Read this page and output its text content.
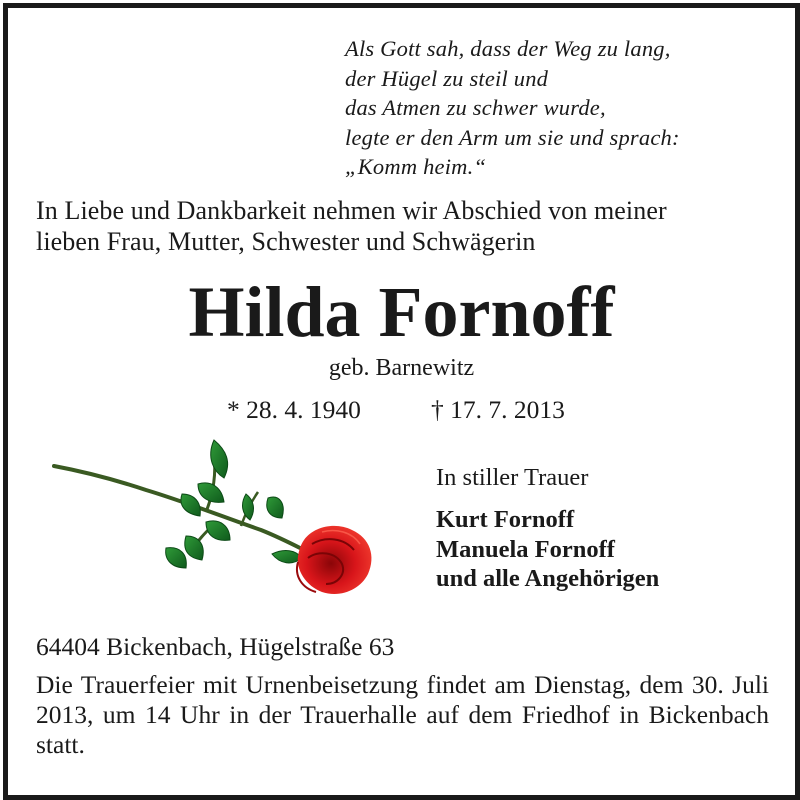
Als Gott sah, dass der Weg zu lang,
der Hügel zu steil und
das Atmen zu schwer wurde,
legte er den Arm um sie und sprach:
„Komm heim.“
In Liebe und Dankbarkeit nehmen wir Abschied von meiner
lieben Frau, Mutter, Schwester und Schwägerin
Hilda Fornoff
geb. Barnewitz
* 28. 4. 1940	† 17. 7. 2013
In stiller Trauer
Kurt Fornoff
Manuela Fornoff
und alle Angehörigen
64404 Bickenbach, Hügelstraße 63
Die Trauerfeier mit Urnenbeisetzung findet am Dienstag, dem 30. Juli 2013, um 14 Uhr in der Trauerhalle auf dem Friedhof in Bickenbach statt.
